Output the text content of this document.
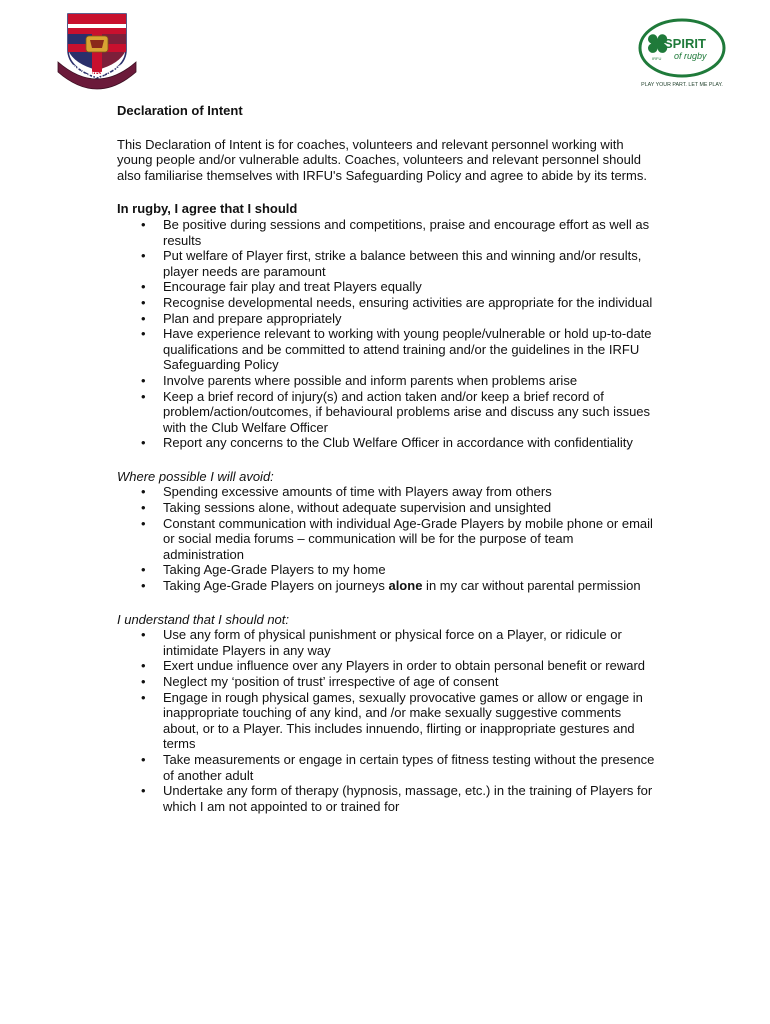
LOUGHREA RFC
SPIRIT
of rugby
IRFU
PLAY YOUR PART. LET ME PLAY.

Declaration of Intent

This Declaration of Intent is for coaches, volunteers and relevant personnel working with young people and/or vulnerable adults. Coaches, volunteers and relevant personnel should also familiarise themselves with IRFU's Safeguarding Policy and agree to abide by its terms.

In rugby, I agree that I should

• Be positive during sessions and competitions, praise and encourage effort as well as results
• Put welfare of Player first, strike a balance between this and winning and/or results, player needs are paramount
• Encourage fair play and treat Players equally
• Recognise developmental needs, ensuring activities are appropriate for the individual
• Plan and prepare appropriately
• Have experience relevant to working with young people/vulnerable or hold up-to-date qualifications and be committed to attend training and/or the guidelines in the IRFU Safeguarding Policy
• Involve parents where possible and inform parents when problems arise
• Keep a brief record of injury(s) and action taken and/or keep a brief record of problem/action/outcomes, if behavioural problems arise and discuss any such issues with the Club Welfare Officer
• Report any concerns to the Club Welfare Officer in accordance with confidentiality

Where possible I will avoid:

• Spending excessive amounts of time with Players away from others
• Taking sessions alone, without adequate supervision and unsighted
• Constant communication with individual Age-Grade Players by mobile phone or email or social media forums – communication will be for the purpose of team administration
• Taking Age-Grade Players to my home
• Taking Age-Grade Players on journeys alone in my car without parental permission

I understand that I should not:

• Use any form of physical punishment or physical force on a Player, or ridicule or intimidate Players in any way
• Exert undue influence over any Players in order to obtain personal benefit or reward
• Neglect my ‘position of trust’ irrespective of age of consent
• Engage in rough physical games, sexually provocative games or allow or engage in inappropriate touching of any kind, and /or make sexually suggestive comments about, or to a Player. This includes innuendo, flirting or inappropriate gestures and terms
• Take measurements or engage in certain types of fitness testing without the presence of another adult
• Undertake any form of therapy (hypnosis, massage, etc.) in the training of Players for which I am not appointed to or trained for
